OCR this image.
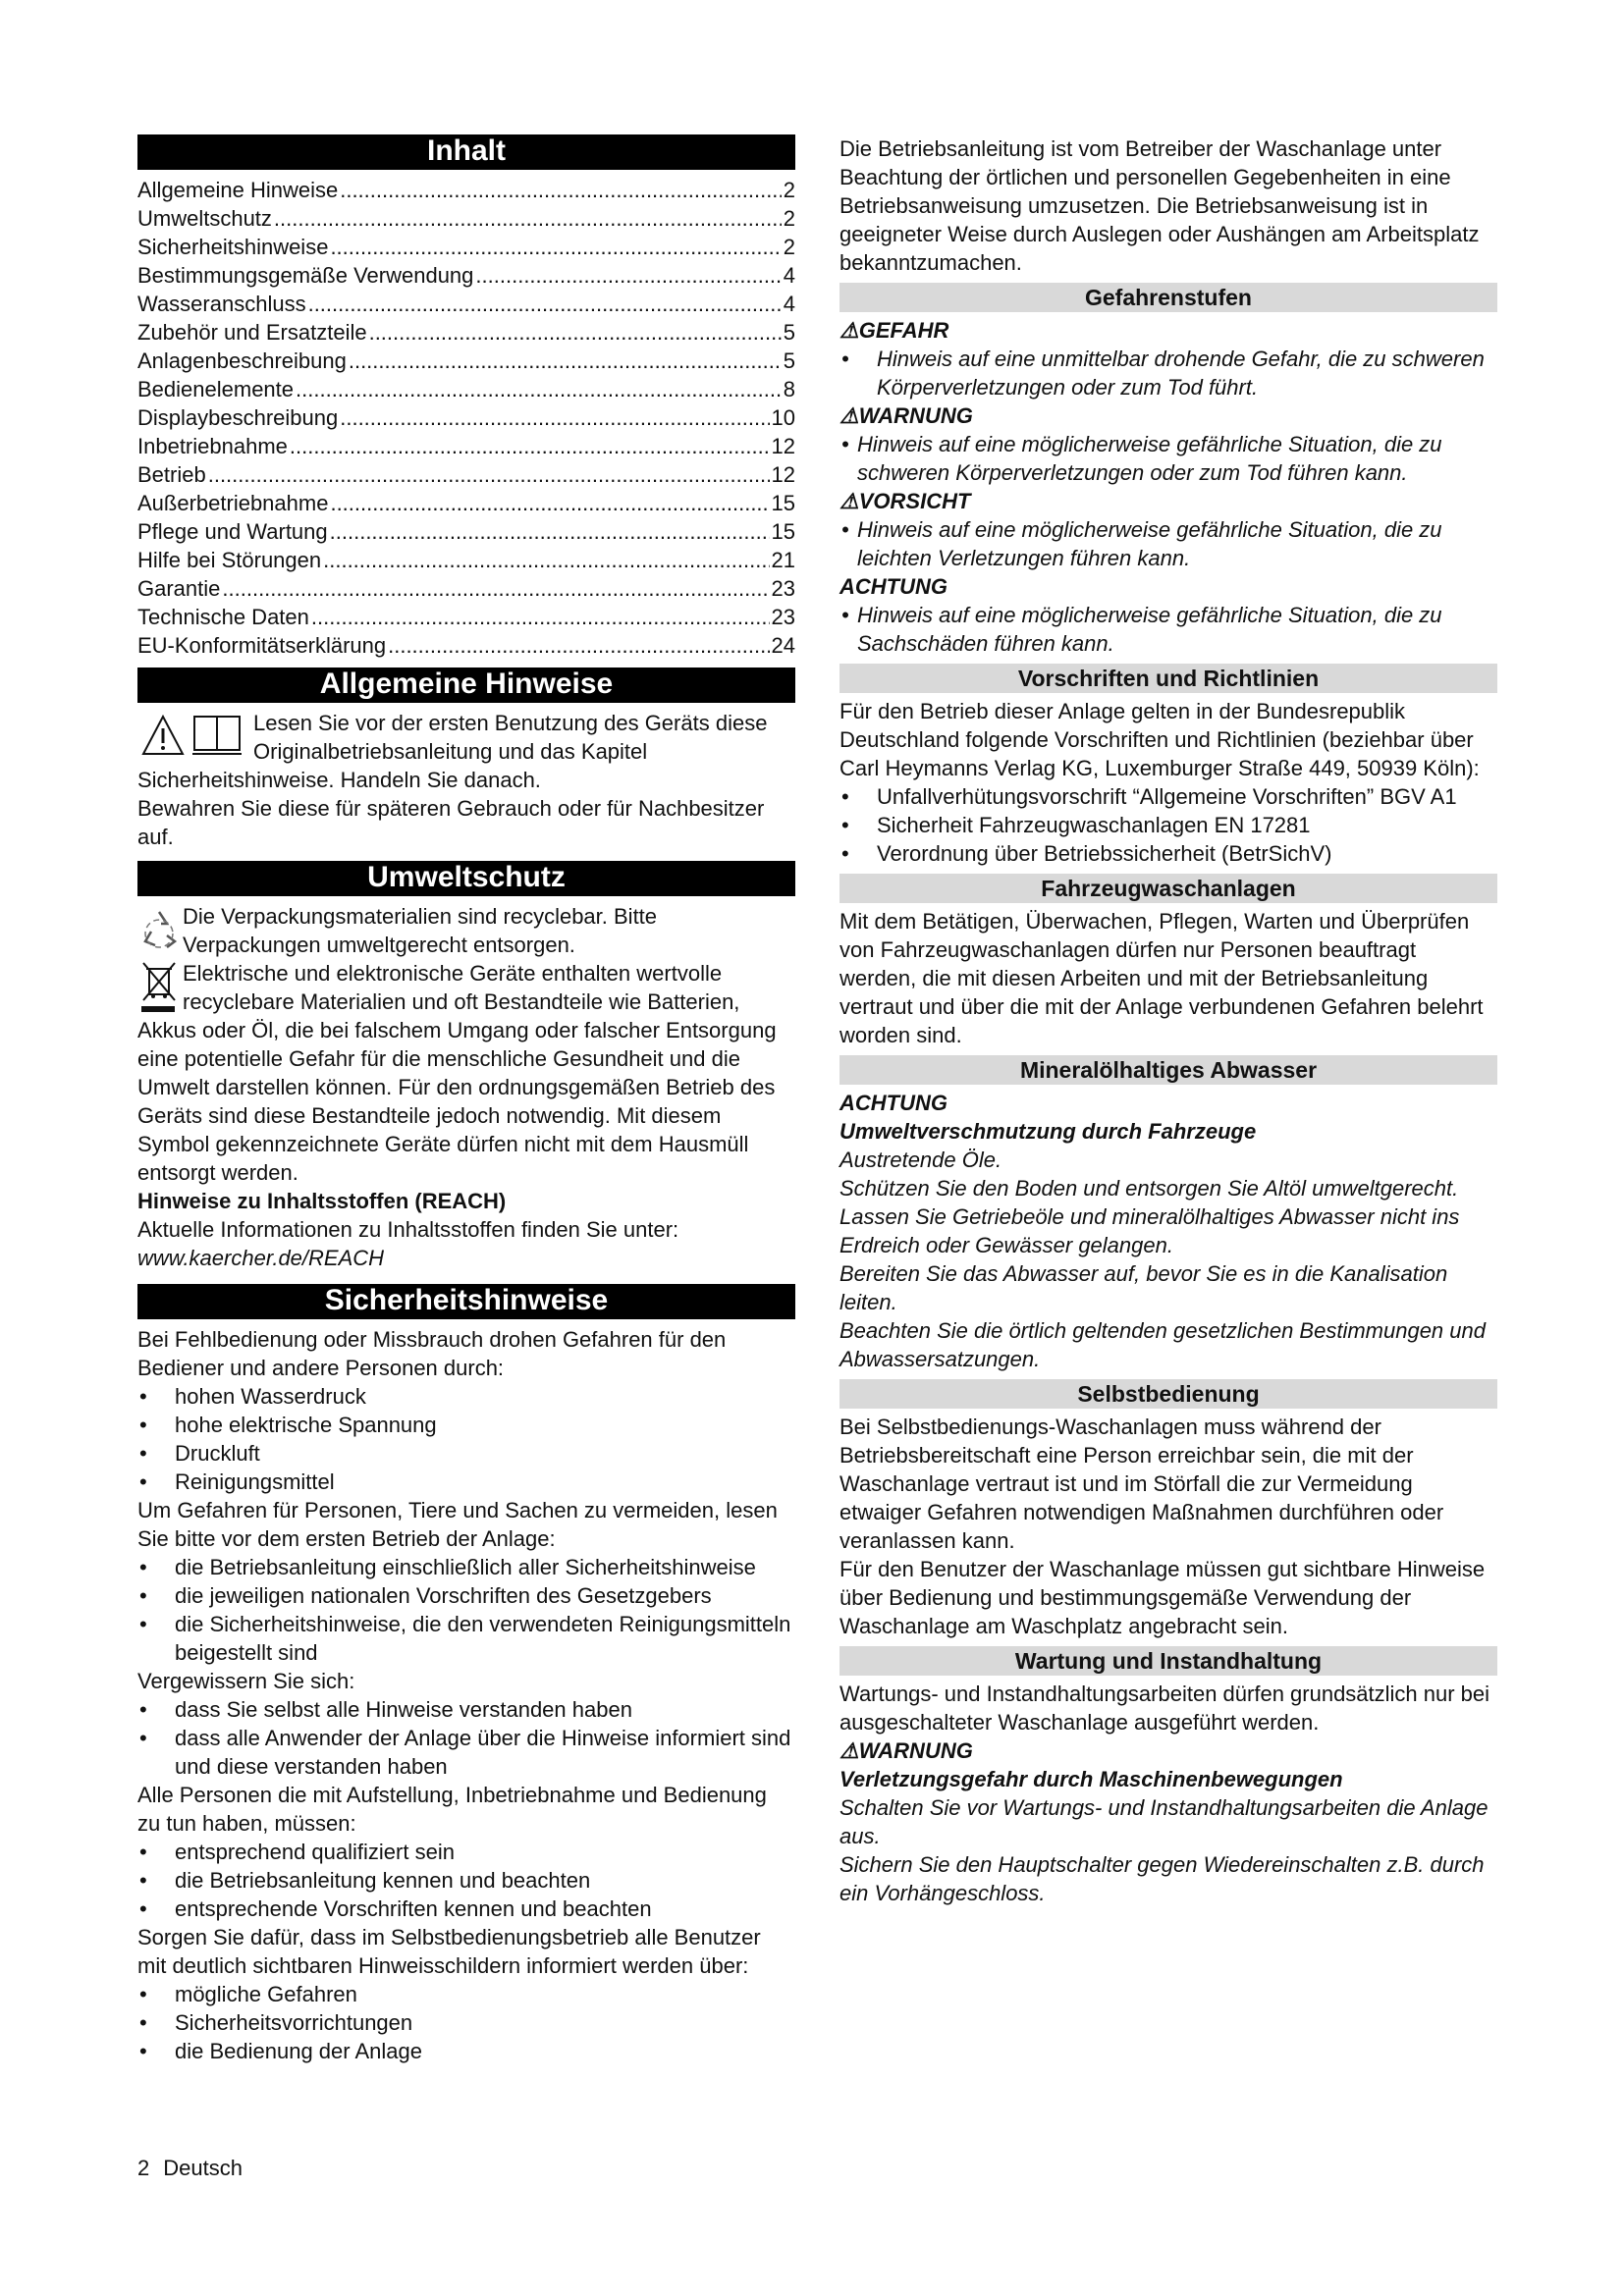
Inhalt
Allgemeine Hinweise .....	2
Umweltschutz .....	2
Sicherheitshinweise .....	2
Bestimmungsgemäße Verwendung .....	4
Wasseranschluss .....	4
Zubehör und Ersatzteile .....	5
Anlagenbeschreibung .....	5
Bedienelemente .....	8
Displaybeschreibung .....	10
Inbetriebnahme .....	12
Betrieb .....	12
Außerbetriebnahme .....	15
Pflege und Wartung .....	15
Hilfe bei Störungen .....	21
Garantie .....	23
Technische Daten .....	23
EU-Konformitätserklärung .....	24
Allgemeine Hinweise

Lesen Sie vor der ersten Benutzung des Geräts diese Originalbetriebsanleitung und das Kapitel Sicherheitshinweise. Handeln Sie danach.

Bewahren Sie diese für späteren Gebrauch oder für Nachbesitzer auf.

Umweltschutz

Die Verpackungsmaterialien sind recyclebar. Bitte Verpackungen umweltgerecht entsorgen.

Elektrische und elektronische Geräte enthalten wertvolle recyclebare Materialien und oft Bestandteile wie Batterien, Akkus oder Öl, die bei falschem Umgang oder falscher Entsorgung eine potentielle Gefahr für die menschliche Gesundheit und die Umwelt darstellen können. Für den ordnungsgemäßen Betrieb des Geräts sind diese Bestandteile jedoch notwendig. Mit diesem Symbol gekennzeichnete Geräte dürfen nicht mit dem Hausmüll entsorgt werden.

Hinweise zu Inhaltsstoffen (REACH)

Aktuelle Informationen zu Inhaltsstoffen finden Sie unter:

www.kaercher.de/REACH

Sicherheitshinweise

Bei Fehlbedienung oder Missbrauch drohen Gefahren für den Bediener und andere Personen durch:

• hohen Wasserdruck
• hohe elektrische Spannung
• Druckluft
• Reinigungsmittel

Um Gefahren für Personen, Tiere und Sachen zu vermeiden, lesen Sie bitte vor dem ersten Betrieb der Anlage:

• die Betriebsanleitung einschließlich aller Sicherheitshinweise
• die jeweiligen nationalen Vorschriften des Gesetzgebers
• die Sicherheitshinweise, die den verwendeten Reinigungsmitteln beigestellt sind

Vergewissern Sie sich:

• dass Sie selbst alle Hinweise verstanden haben
• dass alle Anwender der Anlage über die Hinweise informiert sind und diese verstanden haben

Alle Personen die mit Aufstellung, Inbetriebnahme und Bedienung zu tun haben, müssen:

• entsprechend qualifiziert sein
• die Betriebsanleitung kennen und beachten
• entsprechende Vorschriften kennen und beachten

Sorgen Sie dafür, dass im Selbstbedienungsbetrieb alle Benutzer mit deutlich sichtbaren Hinweisschildern informiert werden über:

• mögliche Gefahren
• Sicherheitsvorrichtungen
• die Bedienung der Anlage

Die Betriebsanleitung ist vom Betreiber der Waschanlage unter Beachtung der örtlichen und personellen Gegebenheiten in eine Betriebsanweisung umzusetzen. Die Betriebsanweisung ist in geeigneter Weise durch Auslegen oder Aushängen am Arbeitsplatz bekanntzumachen.

Gefahrenstufen

⚠GEFAHR

• Hinweis auf eine unmittelbar drohende Gefahr, die zu schweren Körperverletzungen oder zum Tod führt.

⚠WARNUNG

• Hinweis auf eine möglicherweise gefährliche Situation, die zu schweren Körperverletzungen oder zum Tod führen kann.

⚠VORSICHT

• Hinweis auf eine möglicherweise gefährliche Situation, die zu leichten Verletzungen führen kann.

ACHTUNG

• Hinweis auf eine möglicherweise gefährliche Situation, die zu Sachschäden führen kann.
Vorschriften und Richtlinien

Für den Betrieb dieser Anlage gelten in der Bundesrepublik Deutschland folgende Vorschriften und Richtlinien (beziehbar über Carl Heymanns Verlag KG, Luxemburger Straße 449, 50939 Köln):

• Unfallverhütungsvorschrift “Allgemeine Vorschriften” BGV A1
• Sicherheit Fahrzeugwaschanlagen EN 17281
• Verordnung über Betriebssicherheit (BetrSichV)
Fahrzeugwaschanlagen

Mit dem Betätigen, Überwachen, Pflegen, Warten und Überprüfen von Fahrzeugwaschanlagen dürfen nur Personen beauftragt werden, die mit diesen Arbeiten und mit der Betriebsanleitung vertraut und über die mit der Anlage verbundenen Gefahren belehrt worden sind.

Mineralölhaltiges Abwasser

ACHTUNG

Umweltverschmutzung durch Fahrzeuge

Austretende Öle.

Schützen Sie den Boden und entsorgen Sie Altöl umweltgerecht.

Lassen Sie Getriebeöle und mineralölhaltiges Abwasser nicht ins Erdreich oder Gewässer gelangen.

Bereiten Sie das Abwasser auf, bevor Sie es in die Kanalisation leiten.

Beachten Sie die örtlich geltenden gesetzlichen Bestimmungen und Abwassersatzungen.

Selbstbedienung

Bei Selbstbedienungs-Waschanlagen muss während der Betriebsbereitschaft eine Person erreichbar sein, die mit der Waschanlage vertraut ist und im Störfall die zur Vermeidung etwaiger Gefahren notwendigen Maßnahmen durchführen oder veranlassen kann.

Für den Benutzer der Waschanlage müssen gut sichtbare Hinweise über Bedienung und bestimmungsgemäße Verwendung der Waschanlage am Waschplatz angebracht sein.

Wartung und Instandhaltung

Wartungs- und Instandhaltungsarbeiten dürfen grundsätzlich nur bei ausgeschalteter Waschanlage ausgeführt werden.

⚠WARNUNG

Verletzungsgefahr durch Maschinenbewegungen

Schalten Sie vor Wartungs- und Instandhaltungsarbeiten die Anlage aus.

Sichern Sie den Hauptschalter gegen Wiedereinschalten z.B. durch ein Vorhängeschloss.

2 Deutsch
